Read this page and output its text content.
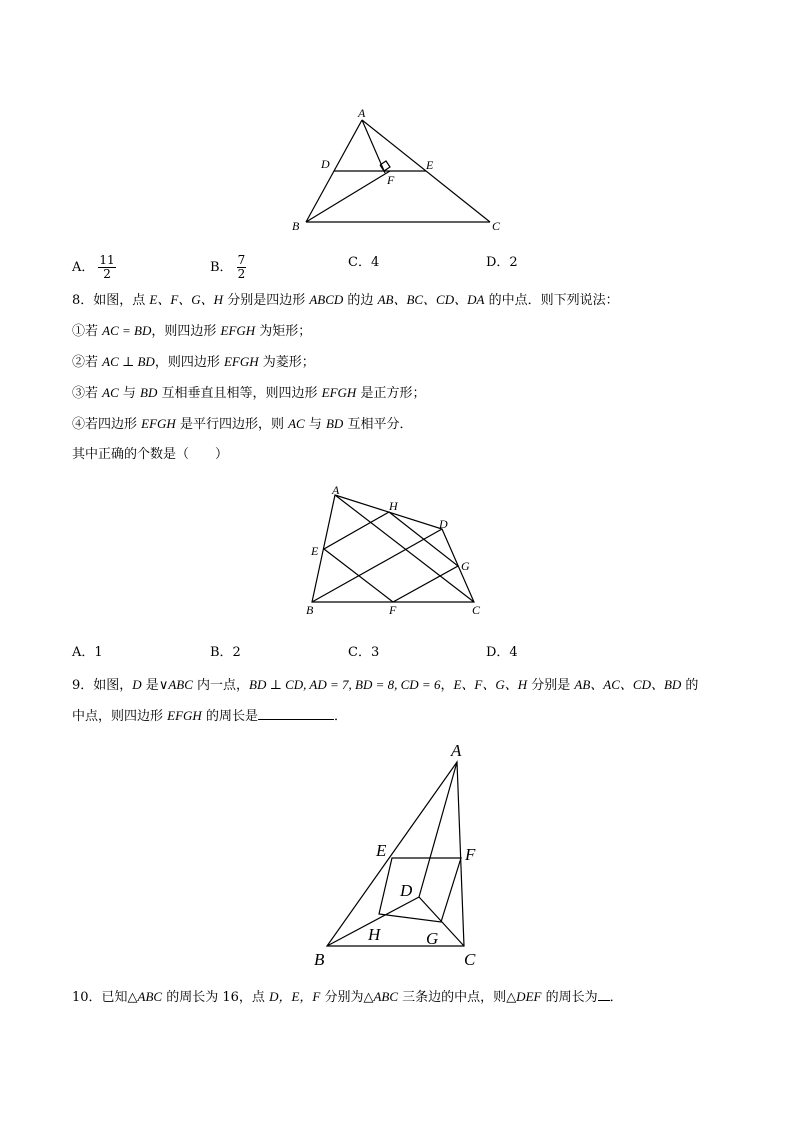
A
D	E
F
B	C
A． $\frac{11}{2}$	B． $\frac{7}{2}$	C．4	D．2
8．如图，点 E、F、G、H 分别是四边形 ABCD 的边 AB、BC、CD、DA 的中点．则下列说法：
①若 AC = BD，则四边形 EFGH 为矩形；
②若 AC ⊥ BD，则四边形 EFGH 为菱形；
③若 AC 与 BD 互相垂直且相等，则四边形 EFGH 是正方形；
④若四边形 EFGH 是平行四边形，则 AC 与 BD 互相平分．
其中正确的个数是（　　）
A
H
D
E
G
B	F	C
A．1	B．2	C．3	D．4
9．如图，D 是∨ABC 内一点，BD ⊥ CD, AD = 7, BD = 8, CD = 6，E、F、G、H 分别是 AB、AC、CD、BD 的
中点，则四边形 EFGH 的周长是	．
A
E	F
D
H	G
B	C
10．已知△ABC 的周长为 16，点 D，E，F 分别为△ABC 三条边的中点，则△DEF 的周长为 ．
